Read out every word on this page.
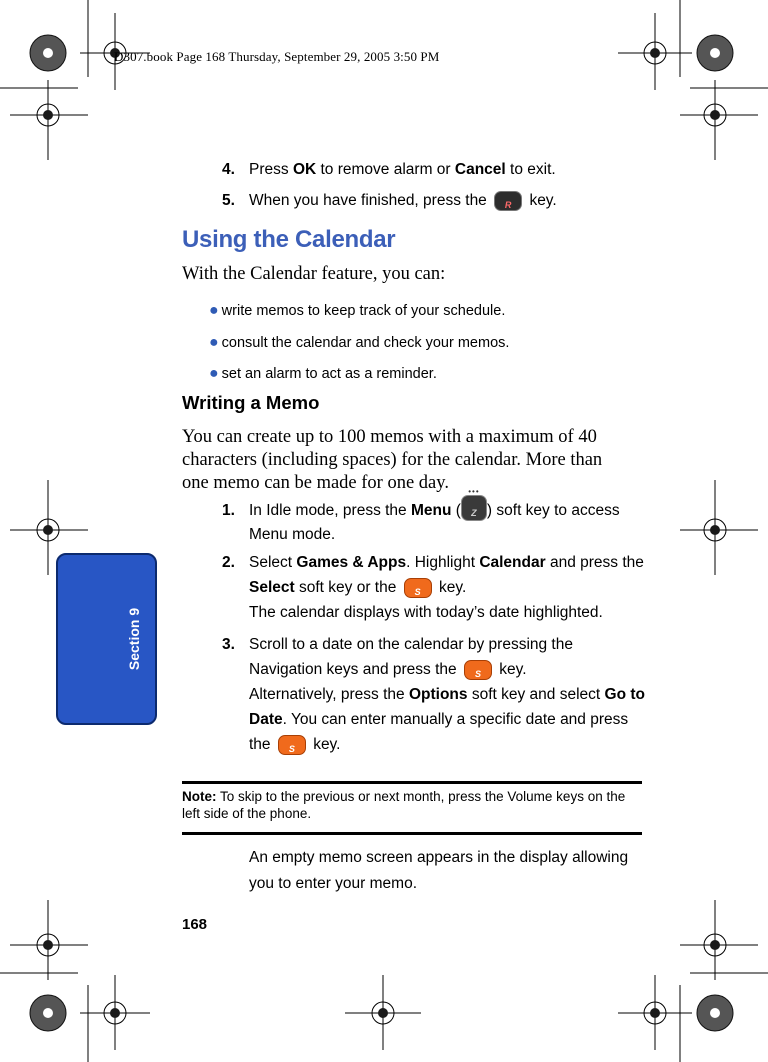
D307.book Page 168 Thursday, September 29, 2005 3:50 PM
Section 9
4. Press OK to remove alarm or Cancel to exit.
5. When you have finished, press the	R	key.
Using the Calendar
With the Calendar feature, you can:
● write memos to keep track of your schedule.
● consult the calendar and check your memos.
● set an alarm to act as a reminder.
Writing a Memo
You can create up to 100 memos with a maximum of 40
characters (including spaces) for the calendar. More than
one memo can be made for one day.
1. In Idle mode, press the Menu (
•••
Z ) soft key to access
Menu mode.
2. Select Games & Apps. Highlight Calendar and press the
Select soft key or the	S	key.
The calendar displays with today’s date highlighted.
3. Scroll to a date on the calendar by pressing the
Navigation keys and press the	S	key.
Alternatively, press the Options soft key and select Go to
Date. You can enter manually a specific date and press
the	S	key.
Note: To skip to the previous or next month, press the Volume keys on the
left side of the phone.
An empty memo screen appears in the display allowing
you to enter your memo.
168
